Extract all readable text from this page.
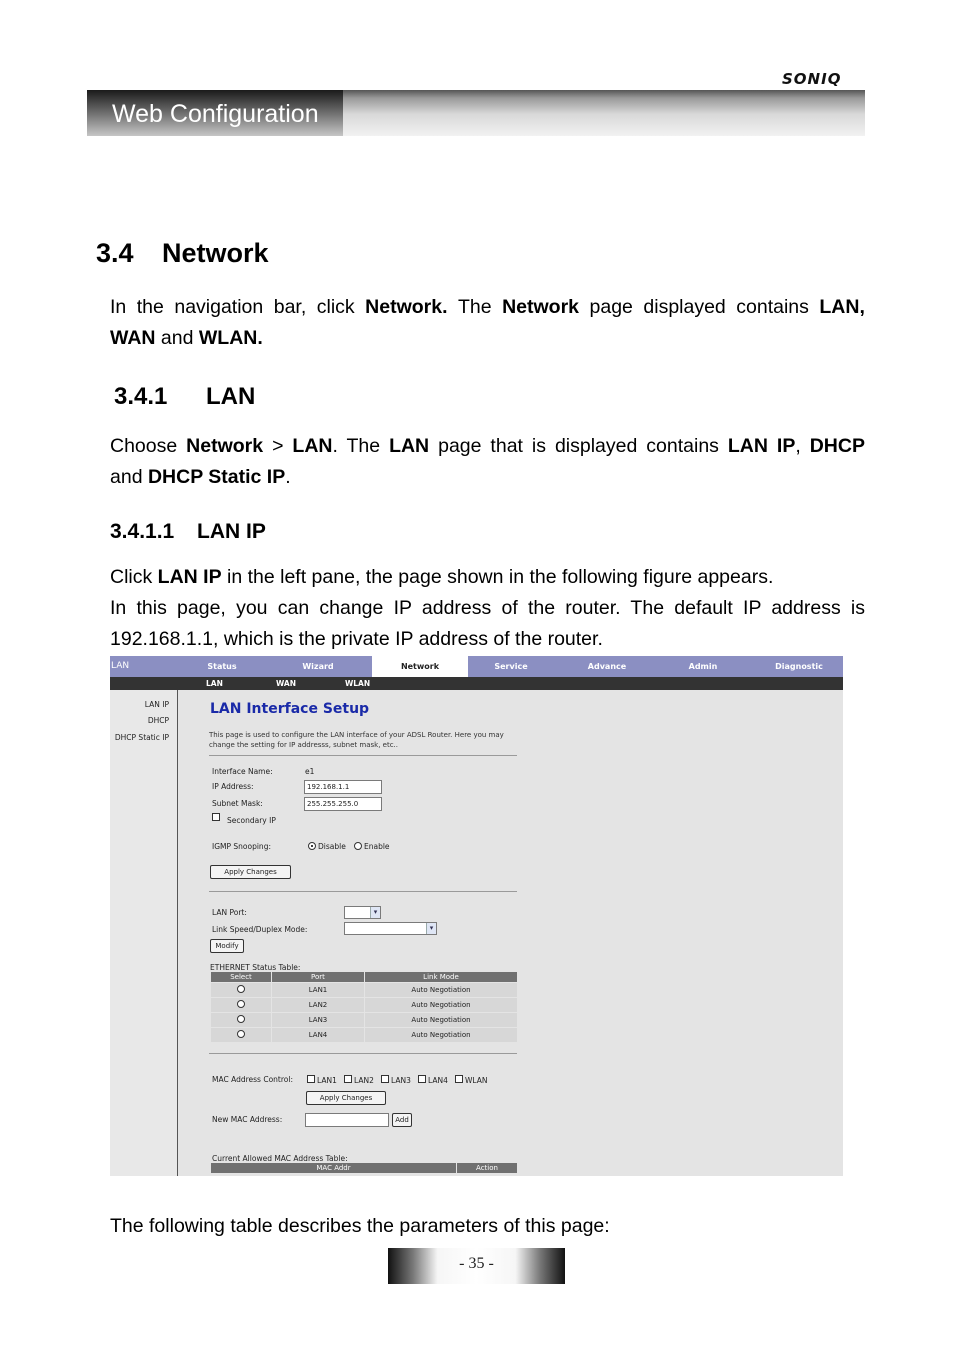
SONIQ
Web Configuration
3.4 Network
In the navigation bar, click Network. The Network page displayed contains LAN,
WAN and WLAN.
3.4.1 LAN
Choose Network > LAN. The LAN page that is displayed contains LAN IP, DHCP
and DHCP Static IP.
3.4.1.1 LAN IP
Click LAN IP in the left pane, the page shown in the following figure appears.
In this page, you can change IP address of the router. The default IP address is
192.168.1.1, which is the private IP address of the router.
LAN	Status	Wizard	Network	Service	Advance	Admin	Diagnostic
LAN	WAN	WLAN
LAN IP
DHCP
DHCP Static IP
LAN Interface Setup
This page is used to configure the LAN interface of your ADSL Router. Here you may change the setting for IP addresss, subnet mask, etc..
Interface Name:	e1
IP Address:	192.168.1.1
Subnet Mask:	255.255.255.0
Secondary IP
IGMP Snooping:	Disable Enable
Apply Changes
LAN Port:	▾
Link Speed/Duplex Mode:	▾
Modify
ETHERNET Status Table:
Select	Port	Link Mode
	LAN1	Auto Negotiation
	LAN2	Auto Negotiation
	LAN3	Auto Negotiation
	LAN4	Auto Negotiation
MAC Address Control:	LAN1 LAN2 LAN3 LAN4 WLAN
Apply Changes
New MAC Address:	Add
Current Allowed MAC Address Table:
MAC Addr	Action
The following table describes the parameters of this page:
- 35 -
